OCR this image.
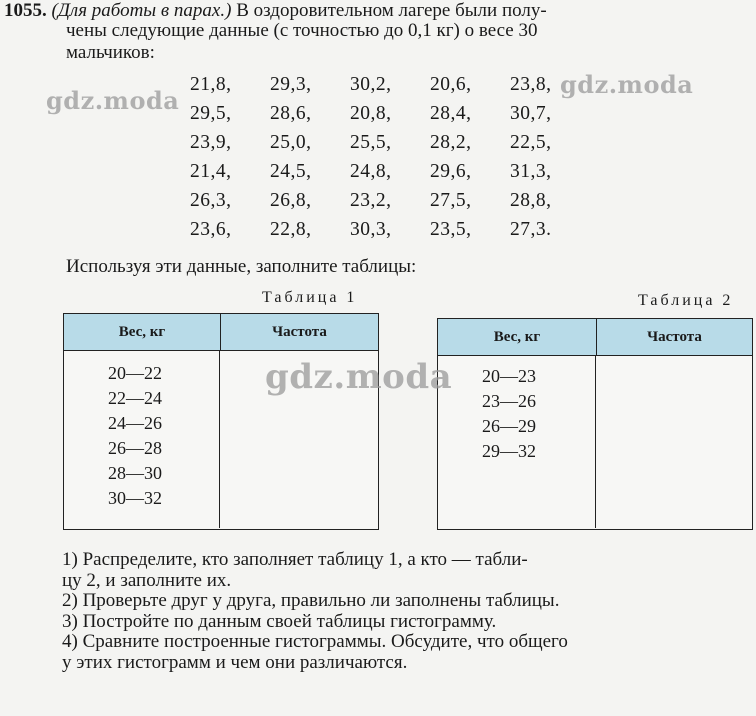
1055. (Для работы в парах.) В оздоровительном лагере были полу-
чены следующие данные (с точностью до 0,1 кг) о весе 30
мальчиков:
21,8, 29,3, 30,2, 20,6, 23,8,
29,5, 28,6, 20,8, 28,4, 30,7,
23,9, 25,0, 25,5, 28,2, 22,5,
21,4, 24,5, 24,8, 29,6, 31,3,
26,3, 26,8, 23,2, 27,5, 28,8,
23,6, 22,8, 30,3, 23,5, 27,3.
Используя эти данные, заполните таблицы:
Таблица 1
Вес, кг	Частота
20—22
22—24
24—26
26—28
28—30
30—32
Таблица 2
Вес, кг	Частота
20—23
23—26
26—29
29—32

1) Распределите, кто заполняет таблицу 1, а кто — табли-

цу 2, и заполните их.

2) Проверьте друг у друга, правильно ли заполнены таблицы.

3) Постройте по данным своей таблицы гистограмму.

4) Сравните построенные гистограммы. Обсудите, что общего

у этих гистограмм и чем они различаются.

gdz.moda
gdz.moda
gdz.moda
